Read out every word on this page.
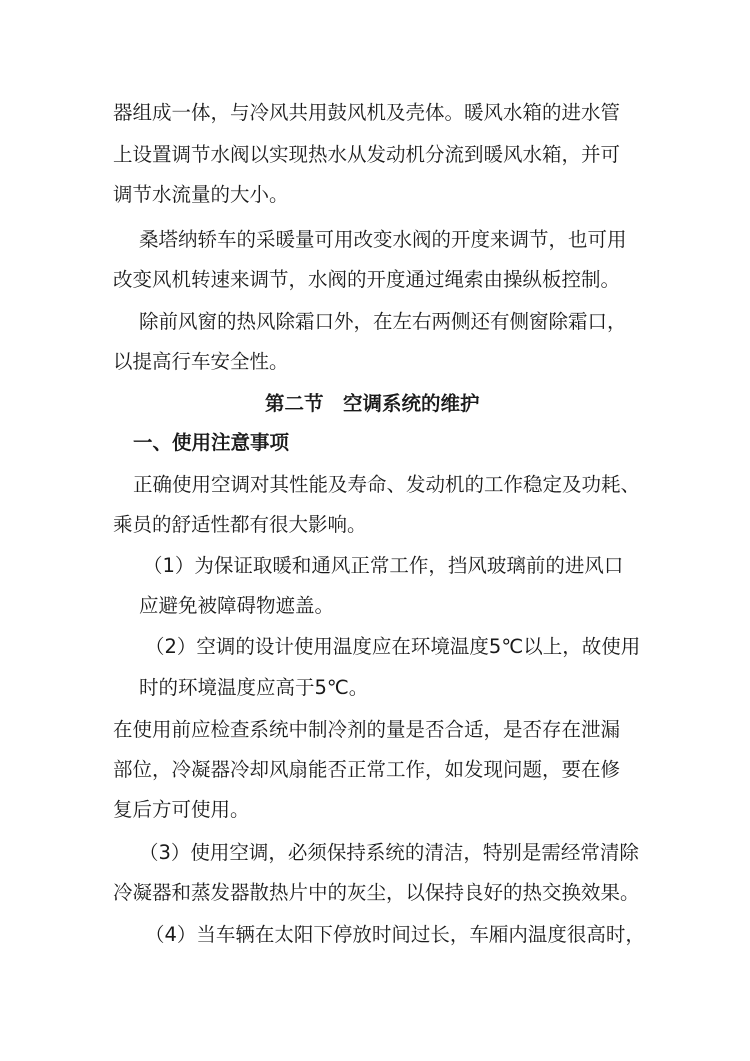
器组成一体，与冷风共用鼓风机及壳体。暖风水箱的进水管
上设置调节水阀以实现热水从发动机分流到暖风水箱，并可
调节水流量的大小。
桑塔纳轿车的采暖量可用改变水阀的开度来调节，也可用
改变风机转速来调节，水阀的开度通过绳索由操纵板控制。
除前风窗的热风除霜口外，在左右两侧还有侧窗除霜口，
以提高行车安全性。
第二节　空调系统的维护
一、使用注意事项
正确使用空调对其性能及寿命、发动机的工作稳定及功耗、
乘员的舒适性都有很大影响。
（1）为保证取暖和通风正常工作，挡风玻璃前的进风口
应避免被障碍物遮盖。
（2）空调的设计使用温度应在环境温度5℃以上，故使用
时的环境温度应高于5℃。
在使用前应检查系统中制冷剂的量是否合适，是否存在泄漏
部位，冷凝器冷却风扇能否正常工作，如发现问题，要在修
复后方可使用。
（3）使用空调，必须保持系统的清洁，特别是需经常清除
冷凝器和蒸发器散热片中的灰尘，以保持良好的热交换效果。
（4）当车辆在太阳下停放时间过长，车厢内温度很高时，
